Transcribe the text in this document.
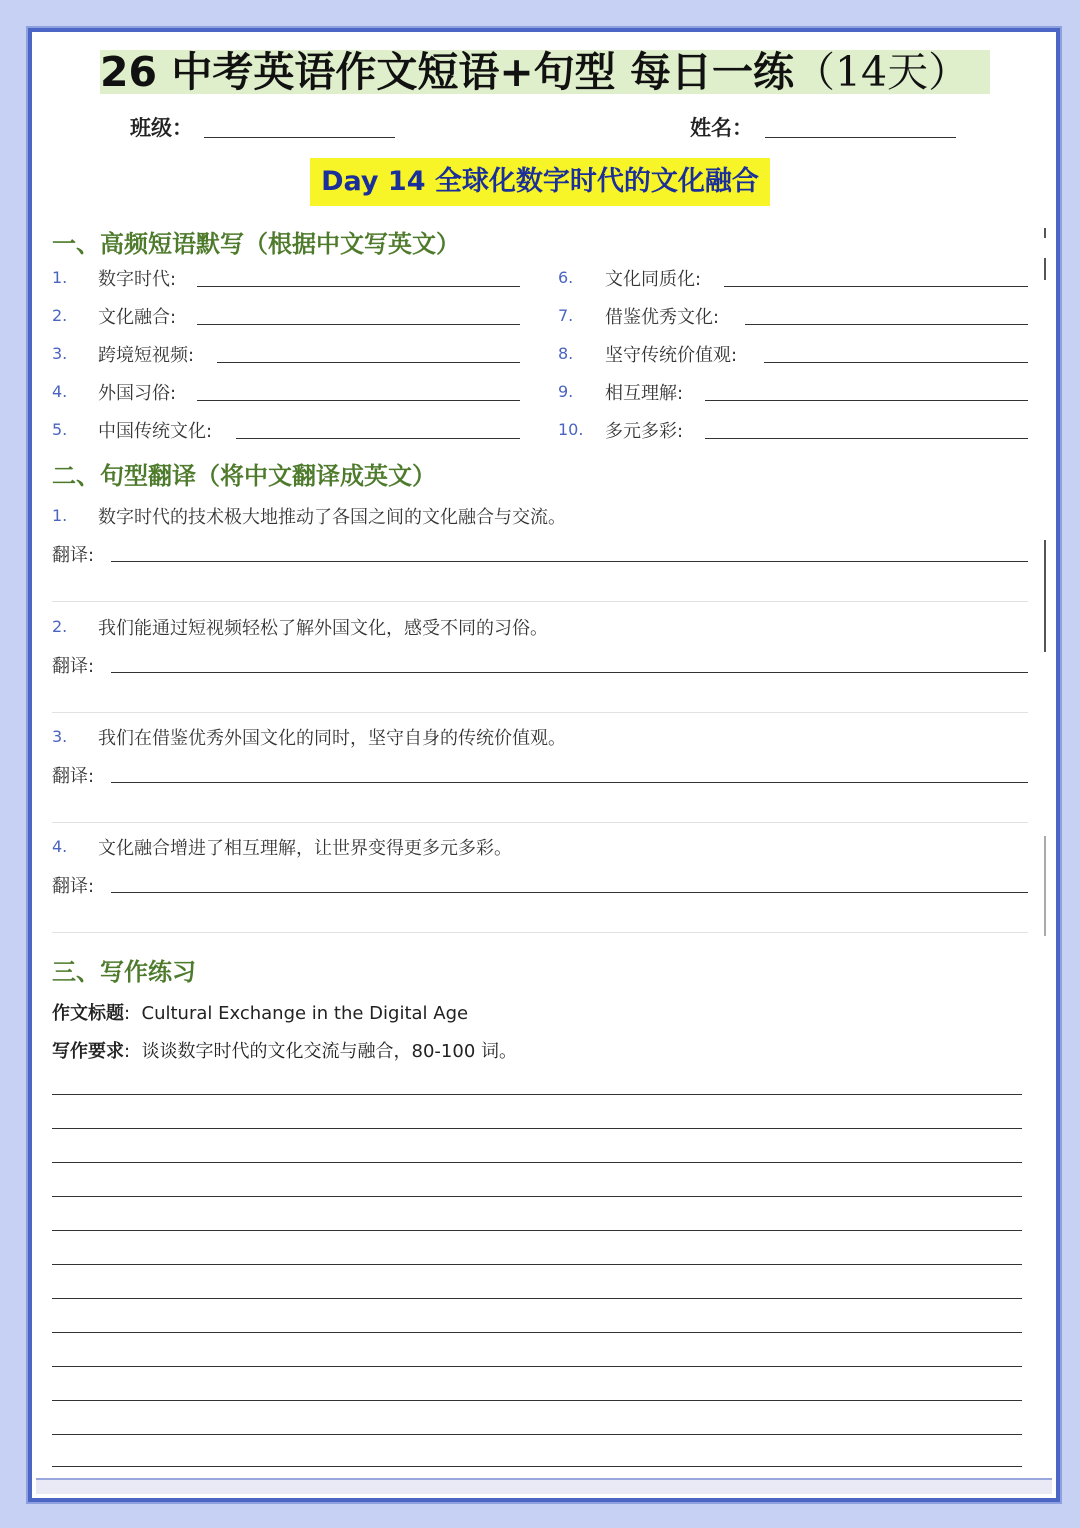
26 中考英语作文短语+句型 每日一练（14天）
班级：	姓名：
Day 14 全球化数字时代的文化融合
一、高频短语默写（根据中文写英文）
1. 数字时代:
2. 文化融合:
3. 跨境短视频:
4. 外国习俗:
5. 中国传统文化:
6. 文化同质化:
7. 借鉴优秀文化:
8. 坚守传统价值观:
9. 相互理解:
10. 多元多彩:
二、句型翻译（将中文翻译成英文）
1. 数字时代的技术极大地推动了各国之间的文化融合与交流。
翻译:
2. 我们能通过短视频轻松了解外国文化，感受不同的习俗。
翻译:
3. 我们在借鉴优秀外国文化的同时，坚守自身的传统价值观。
翻译:
4. 文化融合增进了相互理解，让世界变得更多元多彩。
翻译:
三、写作练习
作文标题:  Cultural Exchange in the Digital Age
写作要求:  谈谈数字时代的文化交流与融合，80-100 词。
